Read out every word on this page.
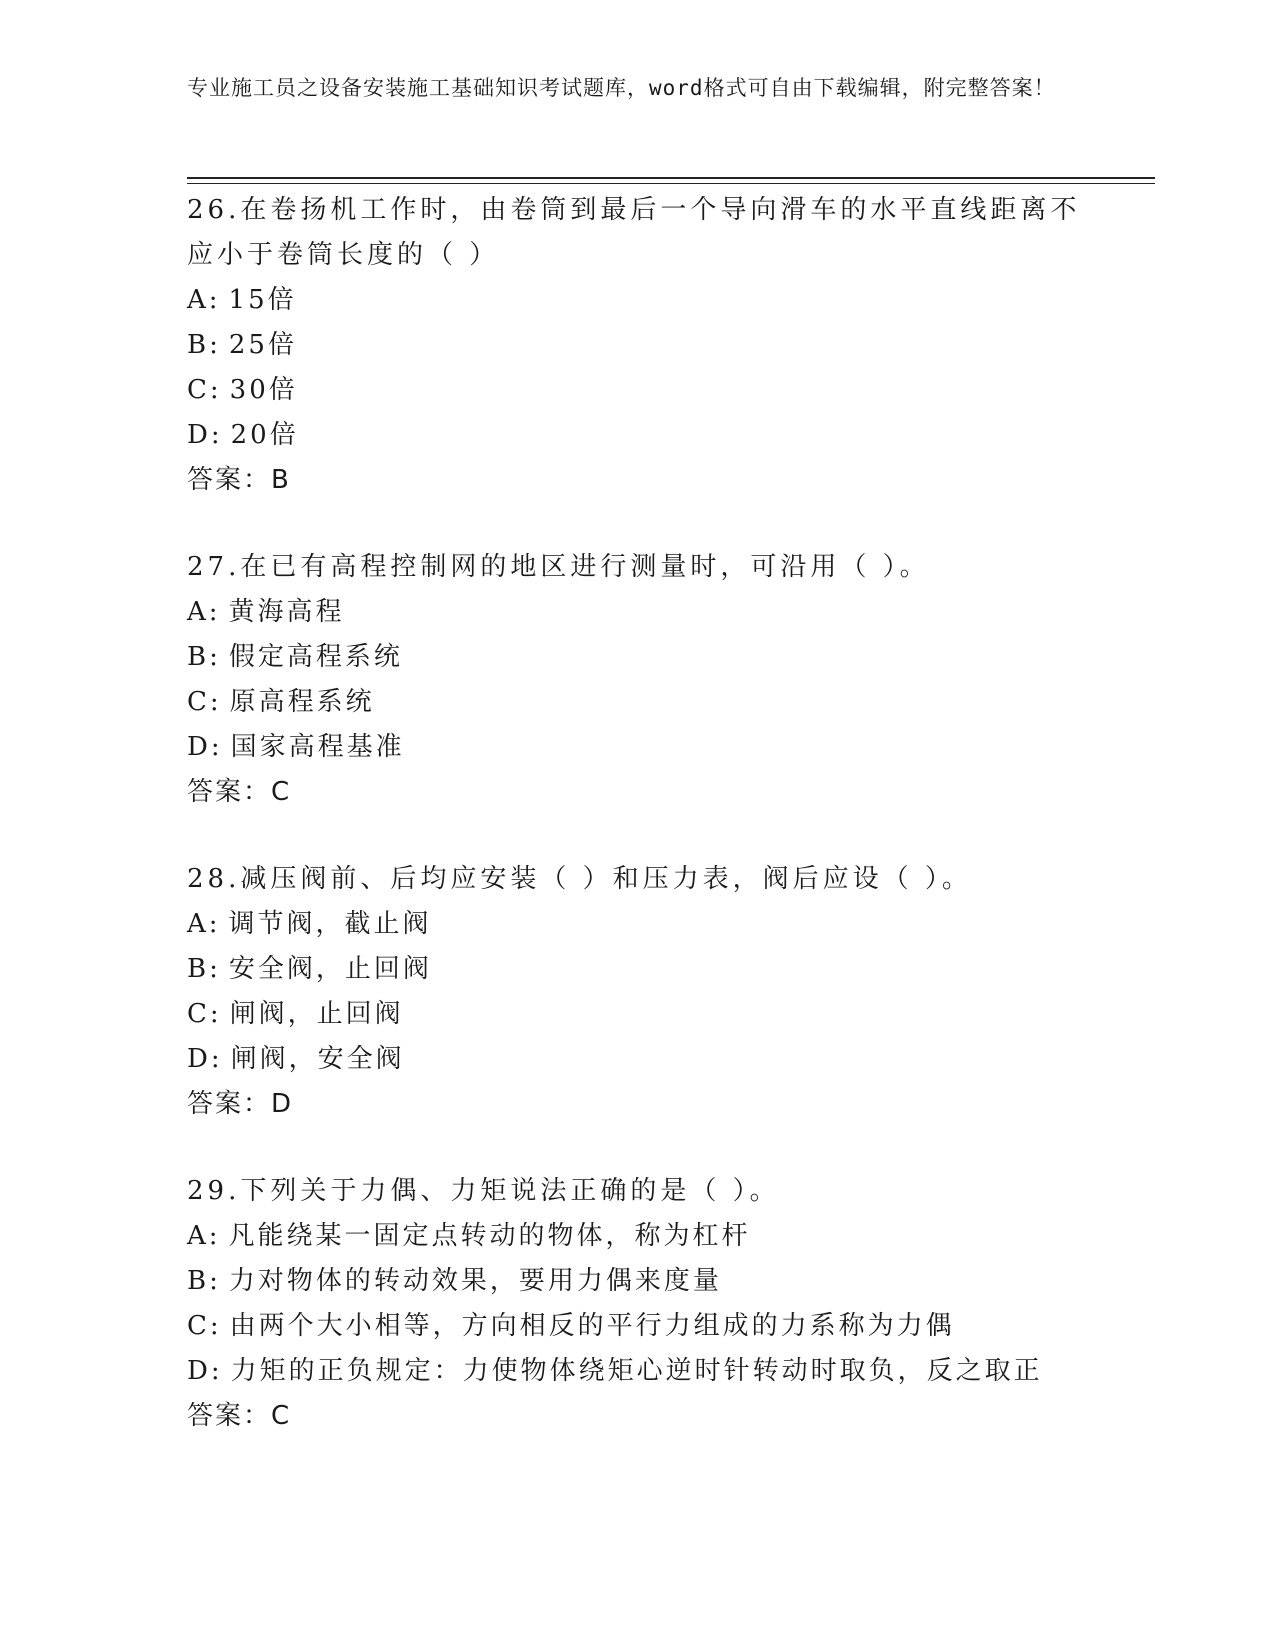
专业施工员之设备安装施工基础知识考试题库，word格式可自由下载编辑，附完整答案！

26.在卷扬机工作时，由卷筒到最后一个导向滑车的水平直线距离不应小于卷筒长度的（ ）

A: 15倍

B: 25倍

C: 30倍

D: 20倍

答案：B

27.在已有高程控制网的地区进行测量时，可沿用（ ）。

A: 黄海高程

B: 假定高程系统

C: 原高程系统

D: 国家高程基准

答案：C

28.减压阀前、后均应安装（ ）和压力表，阀后应设（ ）。

A: 调节阀，截止阀

B: 安全阀，止回阀

C: 闸阀，止回阀

D: 闸阀，安全阀

答案：D

29.下列关于力偶、力矩说法正确的是（ ）。

A: 凡能绕某一固定点转动的物体，称为杠杆

B: 力对物体的转动效果，要用力偶来度量

C: 由两个大小相等，方向相反的平行力组成的力系称为力偶

D: 力矩的正负规定：力使物体绕矩心逆时针转动时取负，反之取正

答案：C
